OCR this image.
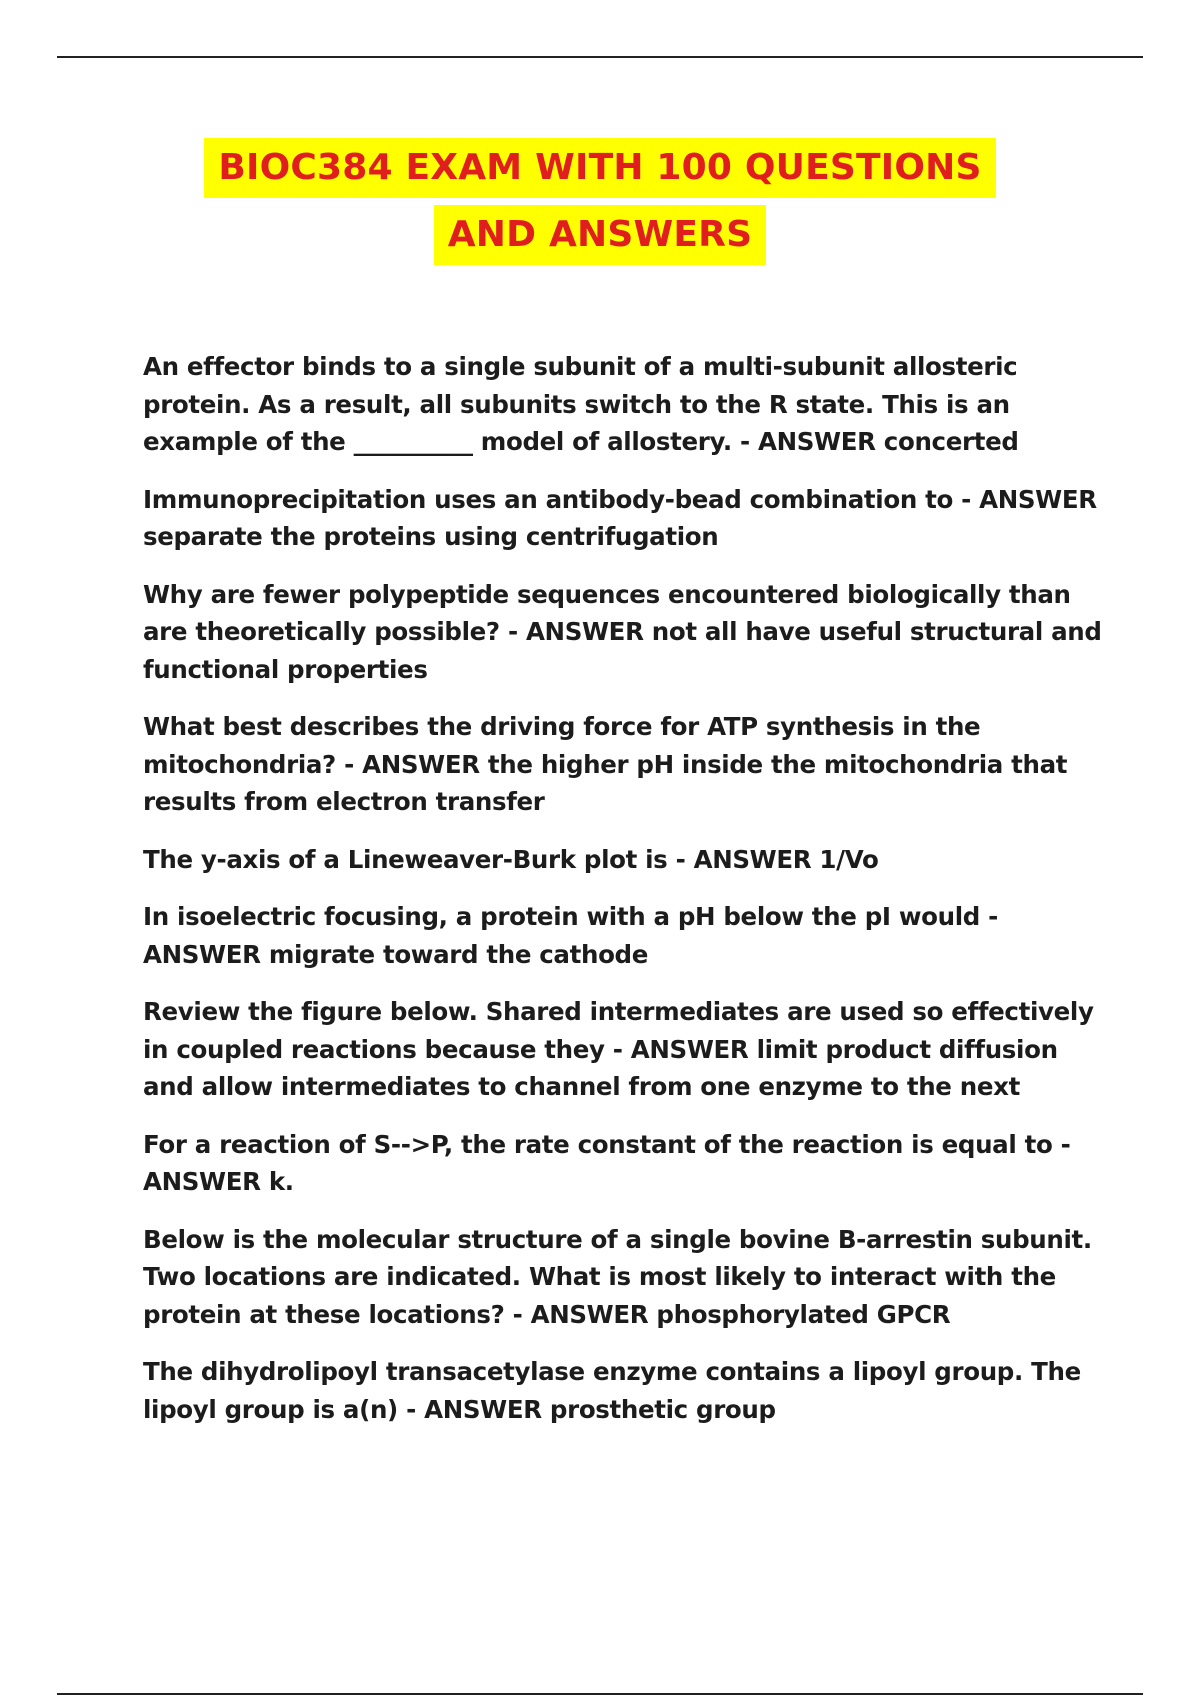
BIOC384 EXAM WITH 100 QUESTIONS
AND ANSWERS
An effector binds to a single subunit of a multi-subunit allosteric protein. As a result, all subunits switch to the R state. This is an example of the __________ model of allostery. - ANSWER concerted
Immunoprecipitation uses an antibody-bead combination to - ANSWER separate the proteins using centrifugation
Why are fewer polypeptide sequences encountered biologically than are theoretically possible? - ANSWER not all have useful structural and functional properties
What best describes the driving force for ATP synthesis in the mitochondria? - ANSWER the higher pH inside the mitochondria that results from electron transfer
The y-axis of a Lineweaver-Burk plot is - ANSWER 1/Vo
In isoelectric focusing, a protein with a pH below the pI would - ANSWER migrate toward the cathode
Review the figure below. Shared intermediates are used so effectively in coupled reactions because they - ANSWER limit product diffusion and allow intermediates to channel from one enzyme to the next
For a reaction of S-->P, the rate constant of the reaction is equal to - ANSWER k.
Below is the molecular structure of a single bovine B-arrestin subunit. Two locations are indicated. What is most likely to interact with the protein at these locations? - ANSWER phosphorylated GPCR
The dihydrolipoyl transacetylase enzyme contains a lipoyl group. The lipoyl group is a(n) - ANSWER prosthetic group
